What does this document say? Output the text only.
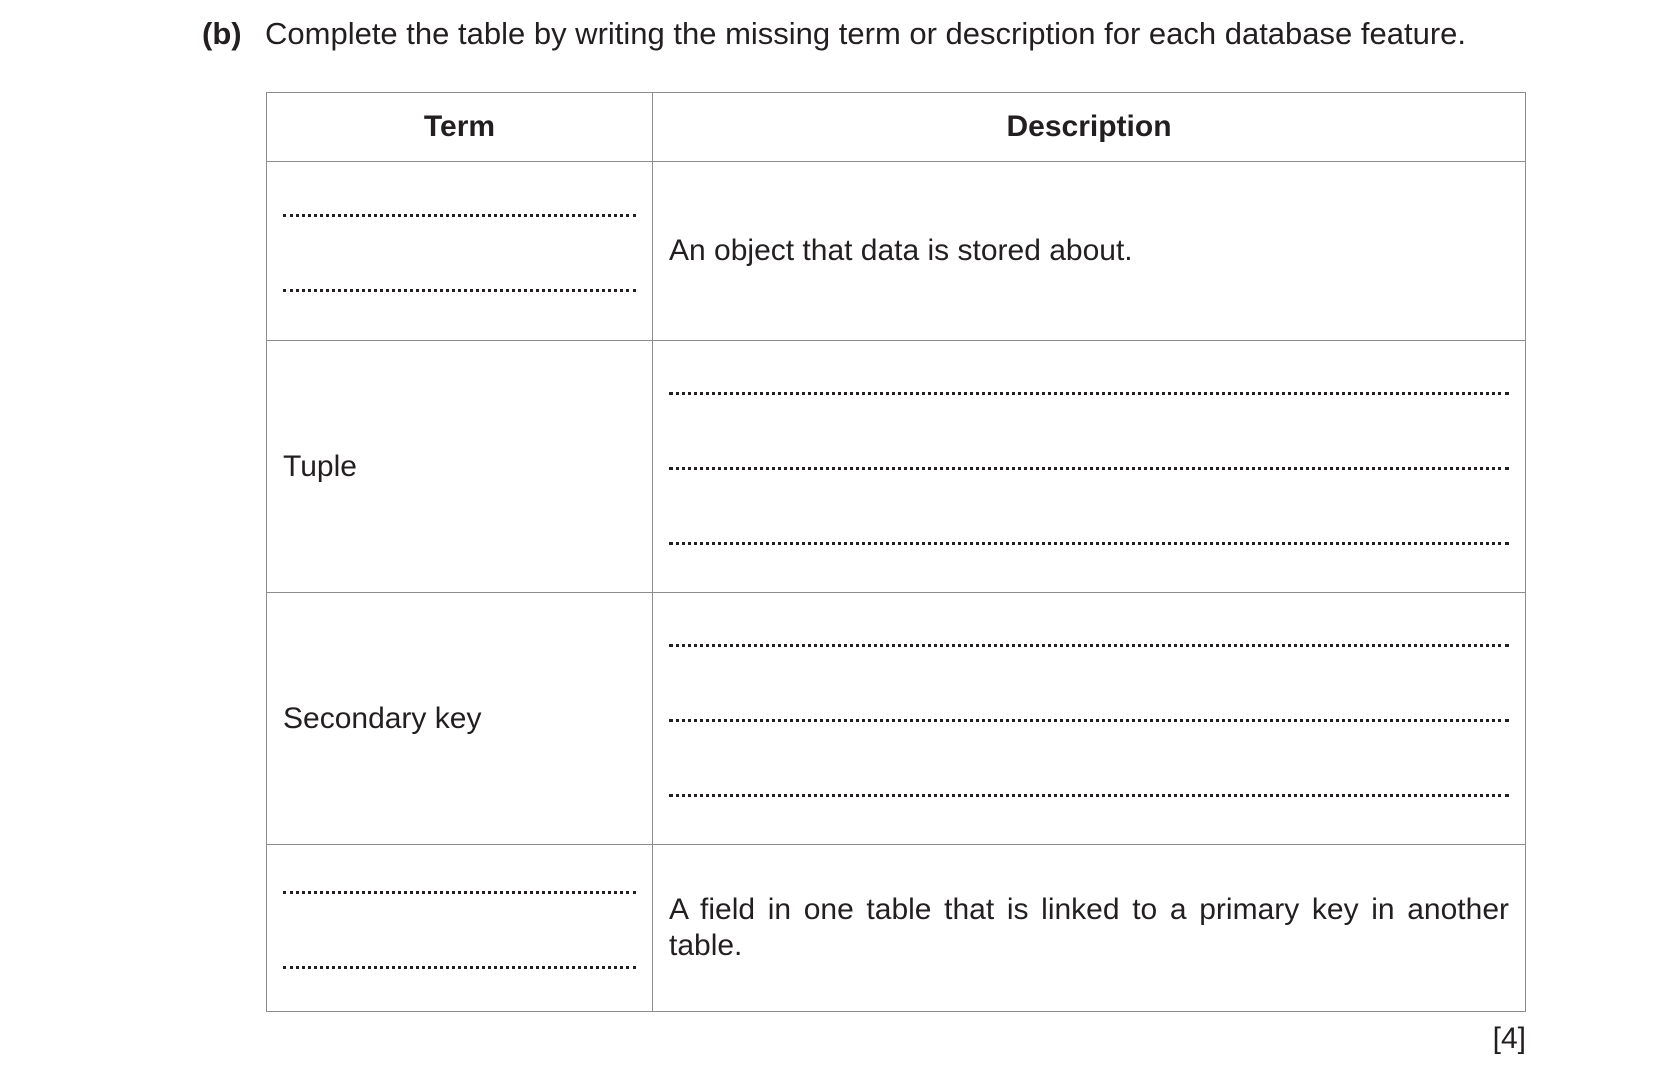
(b) Complete the table by writing the missing term or description for each database feature.
Term	Description

	An object that data is stored about.

Tuple	

Secondary key	

	A field in one table that is linked to a primary key in another table.
[4]
